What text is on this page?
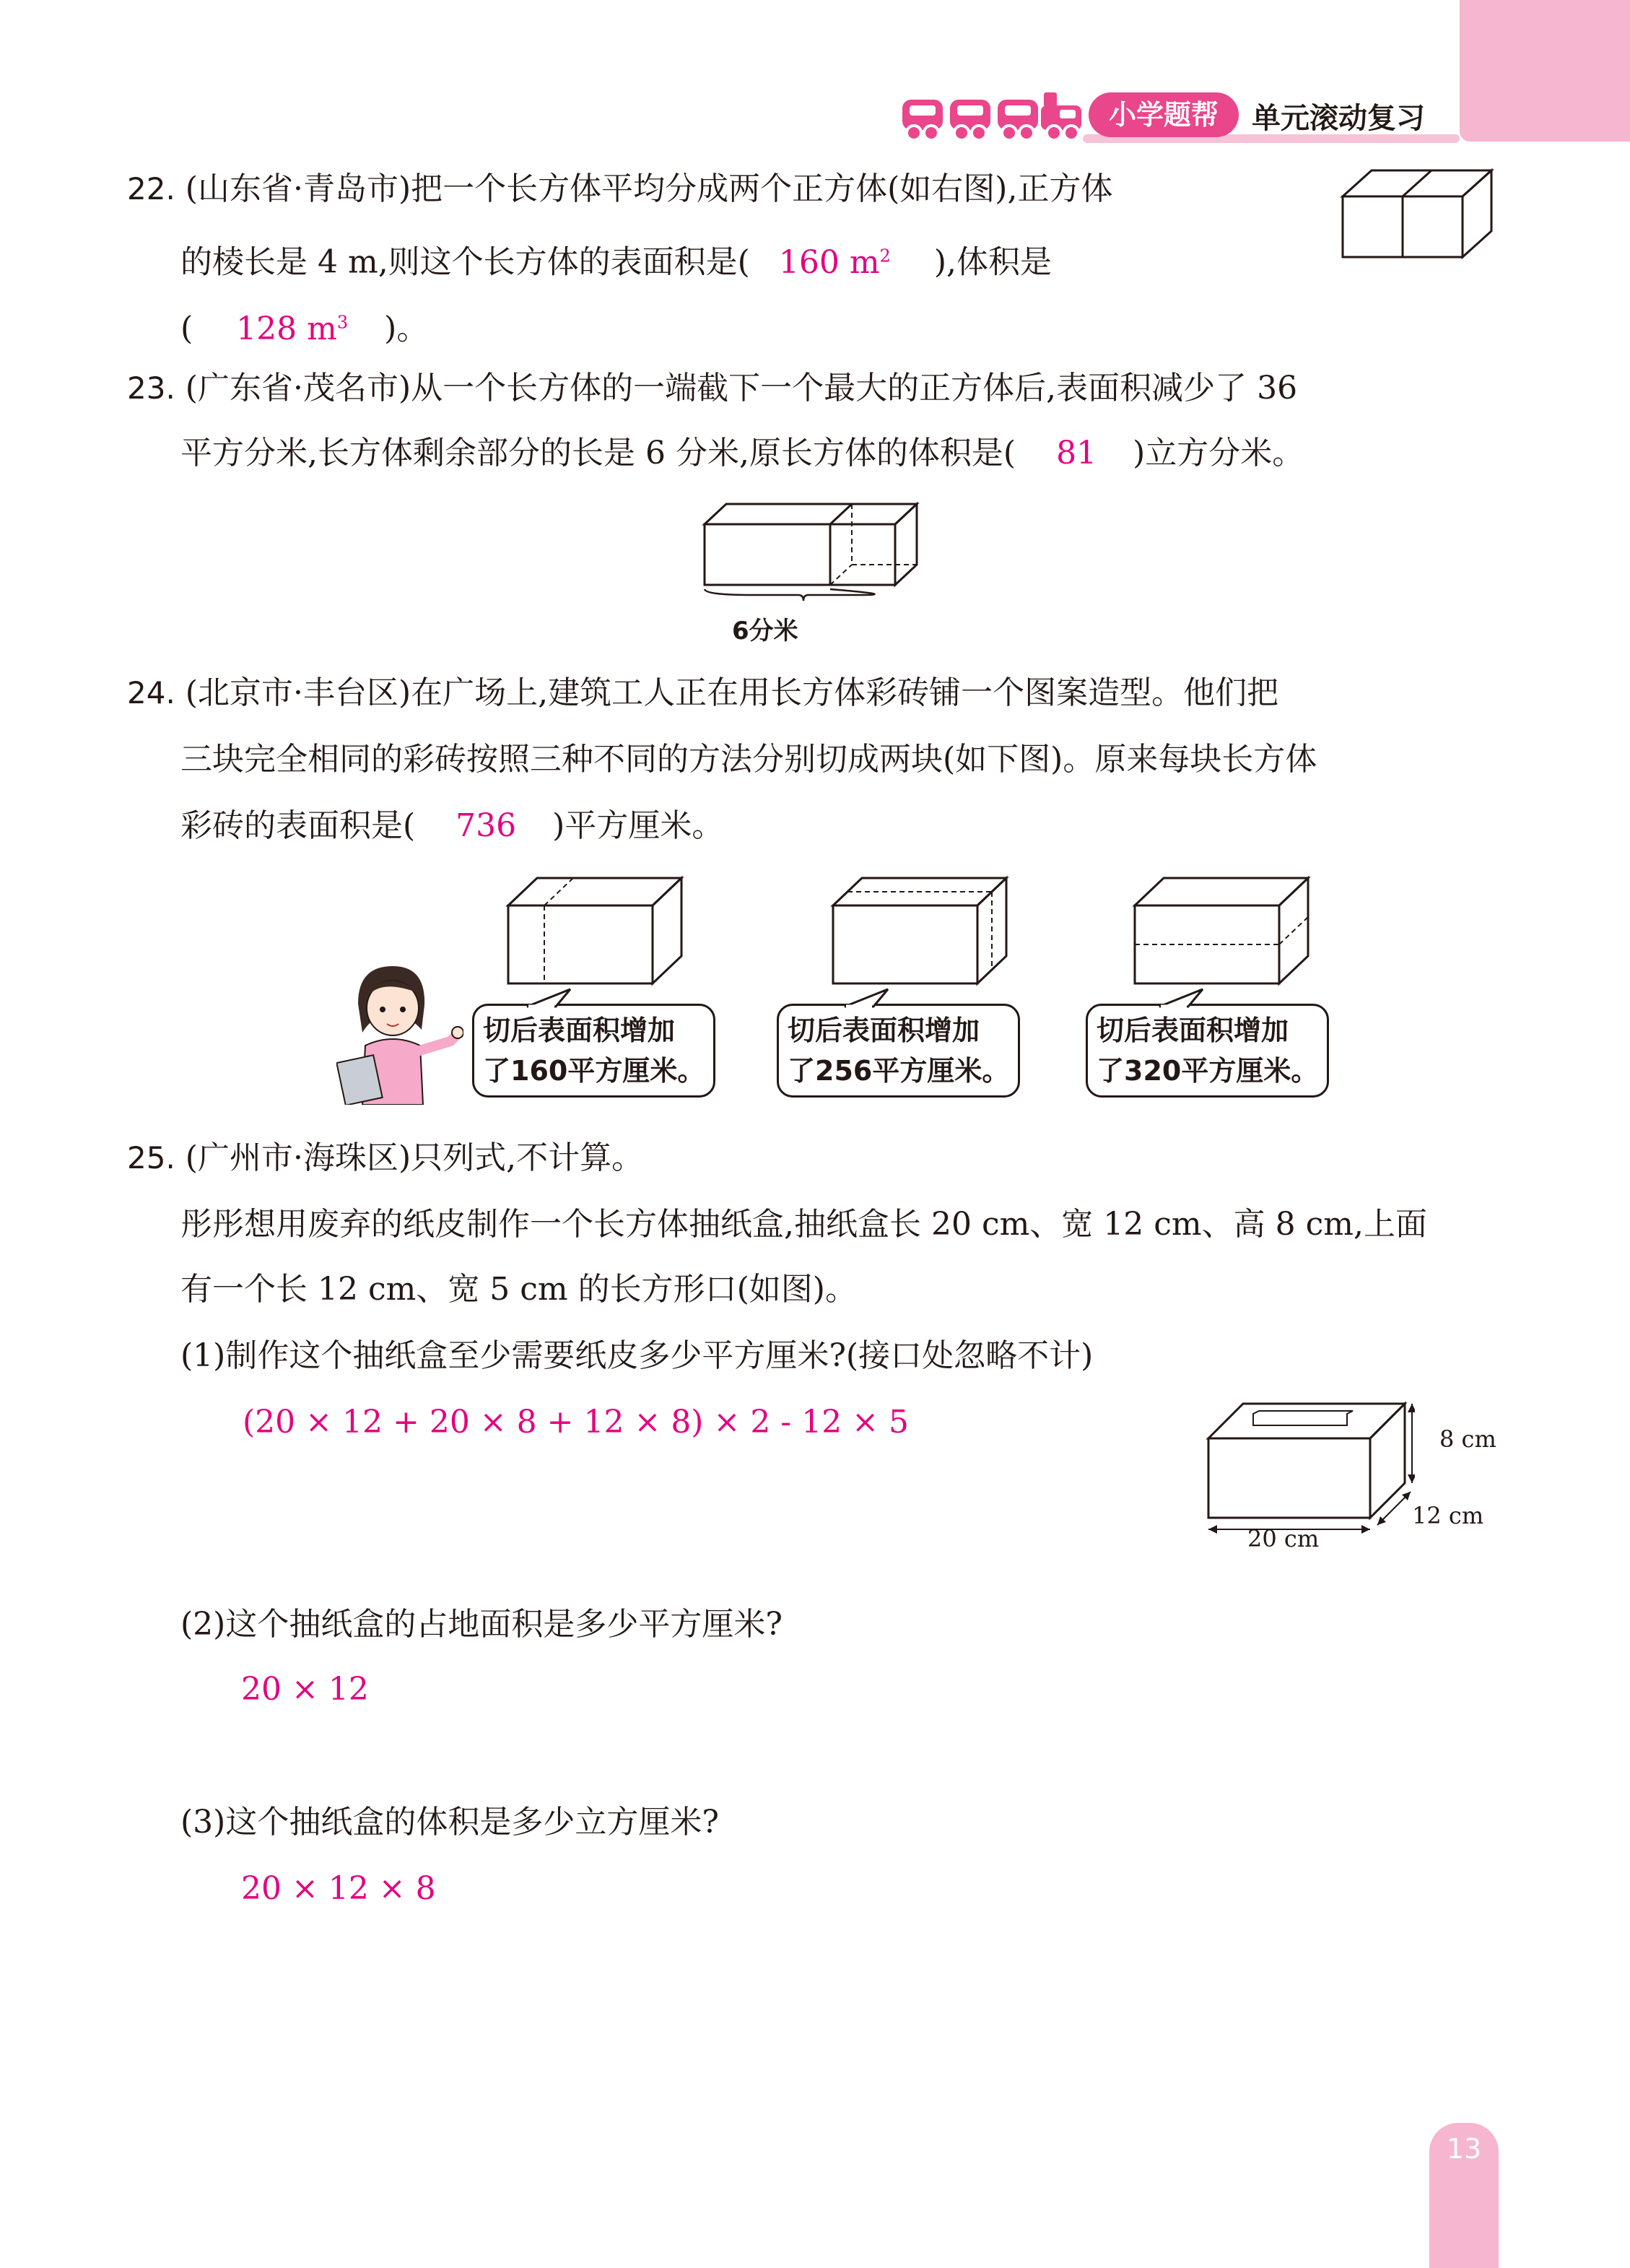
小学题帮	单元滚动复习
22. (山东省·青岛市)把一个长方体平均分成两个正方体(如右图),正方体
的棱长是 4 m,则这个长方体的表面积是( 160 $m^2$ ),体积是
( 128 $m^3$ )。
23. (广东省·茂名市)从一个长方体的一端截下一个最大的正方体后,表面积减少了 36
平方分米,长方体剩余部分的长是 6 分米,原长方体的体积是( 81 )立方分米。
6分米
24. (北京市·丰台区)在广场上,建筑工人正在用长方体彩砖铺一个图案造型。他们把
三块完全相同的彩砖按照三种不同的方法分别切成两块(如下图)。原来每块长方体
彩砖的表面积是( 736 )平方厘米。
切后表面积增加
了160平方厘米。
切后表面积增加
了256平方厘米。
切后表面积增加
了320平方厘米。
25. (广州市·海珠区)只列式,不计算。
彤彤想用废弃的纸皮制作一个长方体抽纸盒,抽纸盒长 20 cm、宽 12 cm、高 8 cm,上面
有一个长 12 cm、宽 5 cm 的长方形口(如图)。
(1)制作这个抽纸盒至少需要纸皮多少平方厘米?(接口处忽略不计)
(20 × 12 + 20 × 8 + 12 × 8) × 2 - 12 × 5	8 cm
12 cm
20 cm
(2)这个抽纸盒的占地面积是多少平方厘米?
20 × 12
(3)这个抽纸盒的体积是多少立方厘米?
20 × 12 × 8
13
